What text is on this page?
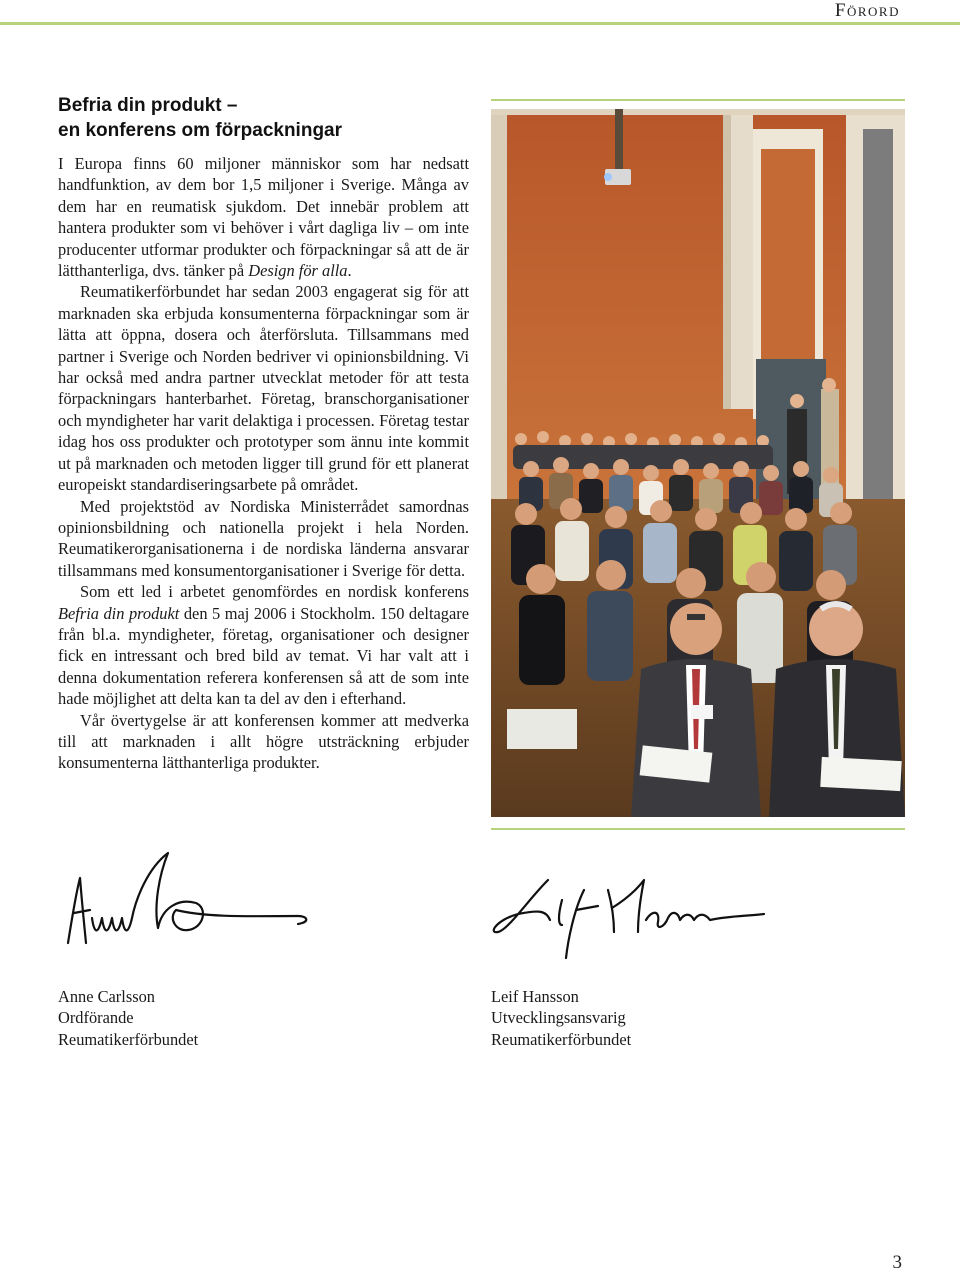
Förord
Befria din produkt –
en konferens om förpackningar

I Europa finns 60 miljoner människor som har nedsatt handfunktion, av dem bor 1,5 miljoner i Sverige. Många av dem har en reumatisk sjukdom. Det innebär problem att hantera produkter som vi behöver i vårt dagliga liv – om inte producenter utformar produkter och förpackningar så att de är lätthanterliga, dvs. tänker på Design för alla.

Reumatikerförbundet har sedan 2003 engagerat sig för att marknaden ska erbjuda konsumenterna förpackningar som är lätta att öppna, dosera och återförsluta. Tillsammans med partner i Sverige och Norden bedriver vi opinionsbildning. Vi har också med andra partner utvecklat metoder för att testa förpackningars hanterbarhet. Företag, branschorganisationer och myndigheter har varit delaktiga i processen. Företag testar idag hos oss produkter och prototyper som ännu inte kommit ut på marknaden och metoden ligger till grund för ett planerat europeiskt standardiseringsarbete på området.

Med projektstöd av Nordiska Ministerrådet samordnas opinionsbildning och nationella projekt i hela Norden. Reumatikerorganisationerna i de nordiska länderna ansvarar tillsammans med konsumentorganisationer i Sverige för detta.

Som ett led i arbetet genomfördes en nordisk konferens Befria din produkt den 5 maj 2006 i Stockholm. 150 deltagare från bl.a. myndigheter, företag, organisationer och designer fick en intressant och bred bild av temat. Vi har valt att i denna dokumentation referera konferensen så att de som inte hade möjlighet att delta kan ta del av den i efterhand.

Vår övertygelse är att konferensen kommer att medverka till att marknaden i allt högre utsträckning erbjuder konsumenterna lätthanterliga produkter.

Anne Carlsson
Ordförande
Reumatikerförbundet
Leif Hansson
Utvecklingsansvarig
Reumatikerförbundet
3
